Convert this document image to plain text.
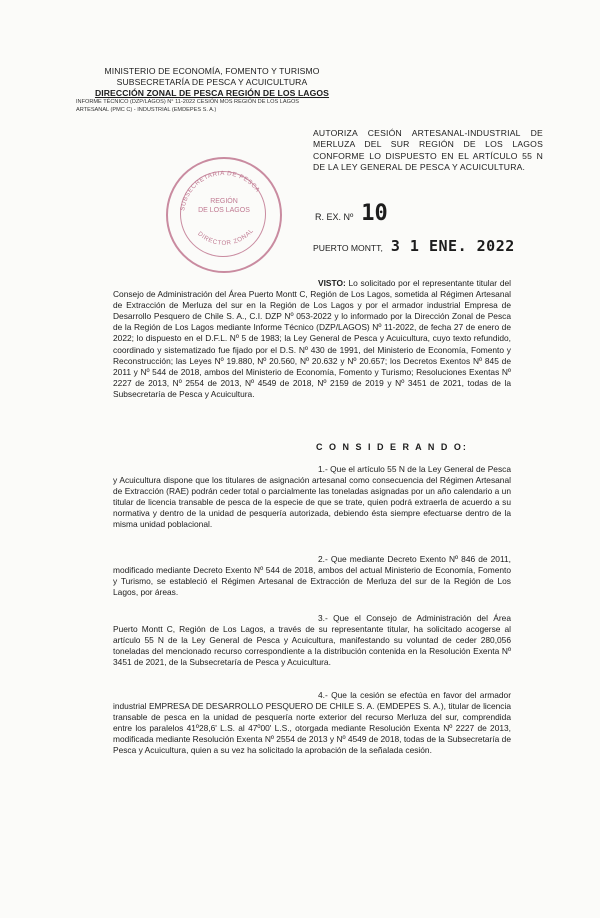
MINISTERIO DE ECONOMÍA, FOMENTO Y TURISMO
SUBSECRETARÍA DE PESCA Y ACUICULTURA
DIRECCIÓN ZONAL DE PESCA REGIÓN DE LOS LAGOS
INFORME TÉCNICO (DZP/LAGOS) N° 11-2022 CESIÓN MOS REGIÓN DE LOS LAGOS
ARTESANAL (PMC C) - INDUSTRIAL (EMDEPES S. A.)
SUBSECRETARIA DE PESCA
DIRECTOR ZONAL
REGIÓN
DE LOS LAGOS
AUTORIZA CESIÓN ARTESANAL-INDUSTRIAL DE MERLUZA DEL SUR REGIÓN DE LOS LAGOS CONFORME LO DISPUESTO EN EL ARTÍCULO 55 N DE LA LEY GENERAL DE PESCA Y ACUICULTURA.
R. EX. Nº 10
PUERTO MONTT, 3 1 ENE. 2022
VISTO: Lo solicitado por el representante titular del Consejo de Administración del Área Puerto Montt C, Región de Los Lagos, sometida al Régimen Artesanal de Extracción de Merluza del sur en la Región de Los Lagos y por el armador industrial Empresa de Desarrollo Pesquero de Chile S. A., C.I. DZP Nº 053-2022 y lo informado por la Dirección Zonal de Pesca de la Región de Los Lagos mediante Informe Técnico (DZP/LAGOS) Nº 11-2022, de fecha 27 de enero de 2022; lo dispuesto en el D.F.L. Nº 5 de 1983; la Ley General de Pesca y Acuicultura, cuyo texto refundido, coordinado y sistematizado fue fijado por el D.S. Nº 430 de 1991, del Ministerio de Economía, Fomento y Reconstrucción; las Leyes Nº 19.880, Nº 20.560, Nº 20.632 y Nº 20.657; los Decretos Exentos Nº 845 de 2011 y Nº 544 de 2018, ambos del Ministerio de Economía, Fomento y Turismo; Resoluciones Exentas Nº 2227 de 2013, Nº 2554 de 2013, Nº 4549 de 2018, Nº 2159 de 2019 y Nº 3451 de 2021, todas de la Subsecretaría de Pesca y Acuicultura.
C O N S I D E R A N D O:
1.- Que el artículo 55 N de la Ley General de Pesca y Acuicultura dispone que los titulares de asignación artesanal como consecuencia del Régimen Artesanal de Extracción (RAE) podrán ceder total o parcialmente las toneladas asignadas por un año calendario a un titular de licencia transable de pesca de la especie de que se trate, quien podrá extraerla de acuerdo a su normativa y dentro de la unidad de pesquería autorizada, debiendo ésta siempre efectuarse dentro de la misma unidad poblacional.
2.- Que mediante Decreto Exento Nº 846 de 2011, modificado mediante Decreto Exento Nº 544 de 2018, ambos del actual Ministerio de Economía, Fomento y Turismo, se estableció el Régimen Artesanal de Extracción de Merluza del sur de la Región de Los Lagos, por áreas.
3.- Que el Consejo de Administración del Área Puerto Montt C, Región de Los Lagos, a través de su representante titular, ha solicitado acogerse al artículo 55 N de la Ley General de Pesca y Acuicultura, manifestando su voluntad de ceder 280,056 toneladas del mencionado recurso correspondiente a la distribución contenida en la Resolución Exenta Nº 3451 de 2021, de la Subsecretaría de Pesca y Acuicultura.
4.- Que la cesión se efectúa en favor del armador industrial EMPRESA DE DESARROLLO PESQUERO DE CHILE S. A. (EMDEPES S. A.), titular de licencia transable de pesca en la unidad de pesquería norte exterior del recurso Merluza del sur, comprendida entre los paralelos 41º28,6' L.S. al 47º00' L.S., otorgada mediante Resolución Exenta Nº 2227 de 2013, modificada mediante Resolución Exenta Nº 2554 de 2013 y Nº 4549 de 2018, todas de la Subsecretaría de Pesca y Acuicultura, quien a su vez ha solicitado la aprobación de la señalada cesión.
